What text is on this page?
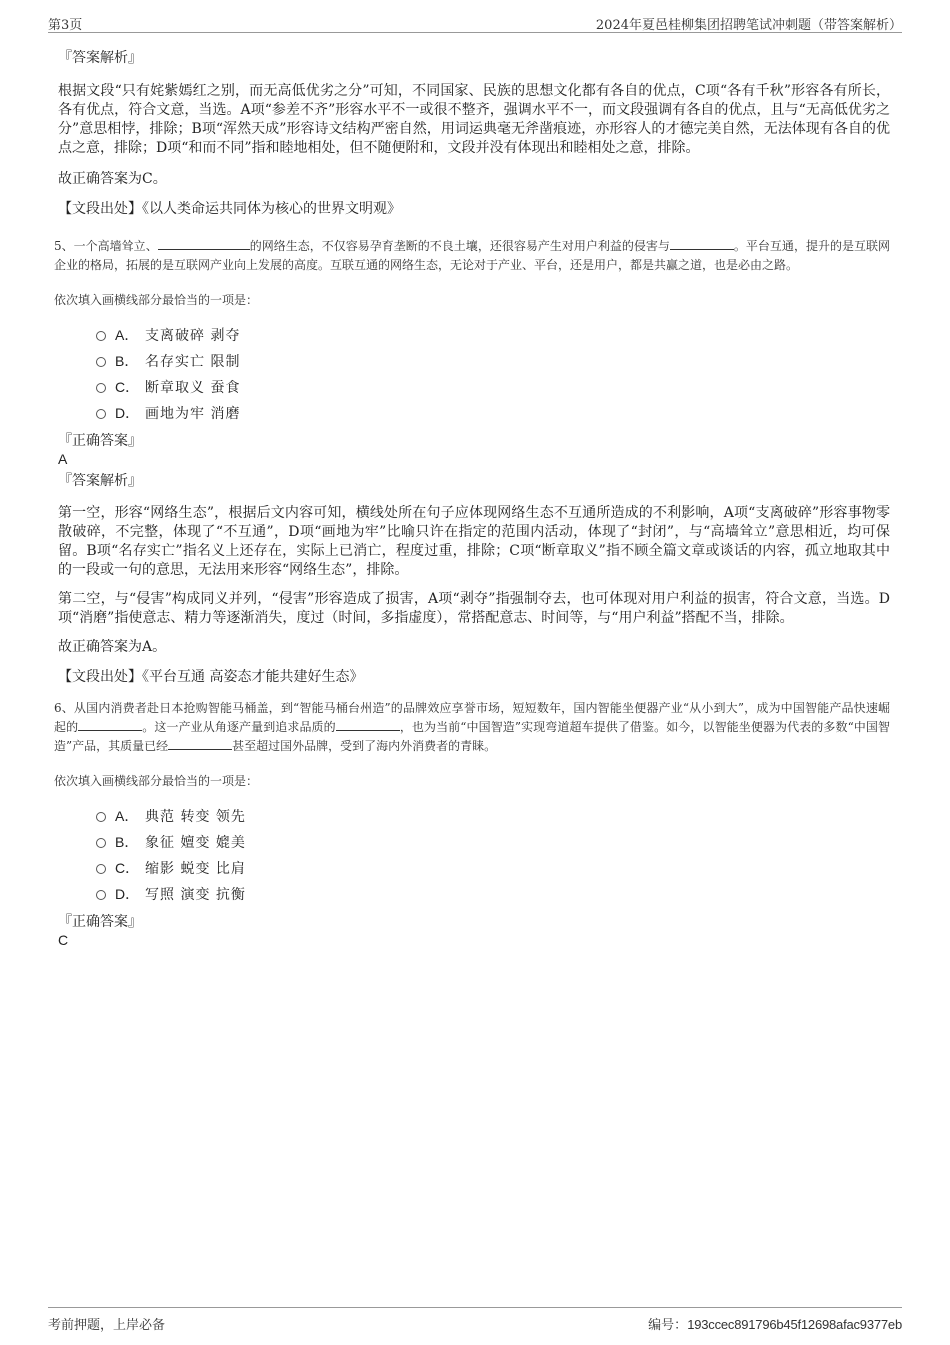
第3页	2024年夏邑桂柳集团招聘笔试冲刺题（带答案解析）
『答案解析』

根据文段“只有姹紫嫣红之别，而无高低优劣之分”可知，不同国家、民族的思想文化都有各自的优点，C项“各有千秋”形容各有所长，各有优点，符合文意，当选。A项“参差不齐”形容水平不一或很不整齐，强调水平不一，而文段强调有各自的优点，且与“无高低优劣之分”意思相悖，排除；B项“浑然天成”形容诗文结构严密自然，用词运典毫无斧凿痕迹，亦形容人的才德完美自然，无法体现有各自的优点之意，排除；D项“和而不同”指和睦地相处，但不随便附和，文段并没有体现出和睦相处之意，排除。

故正确答案为C。

【文段出处】《以人类命运共同体为核心的世界文明观》
5、一个高墙耸立、	的网络生态，不仅容易孕育垄断的不良土壤，还很容易产生对用户利益的侵害与	。平台互通，提升的是互联网企业的格局，拓展的是互联网产业向上发展的高度。互联互通的网络生态，无论对于产业、平台，还是用户，都是共赢之道，也是必由之路。
依次填入画横线部分最恰当的一项是：
A． 支离破碎 剥夺
B． 名存实亡 限制
C． 断章取义 蚕食
D． 画地为牢 消磨
『正确答案』
A
『答案解析』

第一空，形容“网络生态”，根据后文内容可知，横线处所在句子应体现网络生态不互通所造成的不利影响，A项“支离破碎”形容事物零散破碎，不完整，体现了“不互通”，D项“画地为牢”比喻只许在指定的范围内活动，体现了“封闭”，与“高墙耸立”意思相近，均可保留。B项“名存实亡”指名义上还存在，实际上已消亡，程度过重，排除；C项“断章取义”指不顾全篇文章或谈话的内容，孤立地取其中的一段或一句的意思，无法用来形容“网络生态”，排除。

第二空，与“侵害”构成同义并列，“侵害”形容造成了损害，A项“剥夺”指强制夺去，也可体现对用户利益的损害，符合文意，当选。D项“消磨”指使意志、精力等逐渐消失，度过（时间，多指虚度），常搭配意志、时间等，与“用户利益”搭配不当，排除。

故正确答案为A。

【文段出处】《平台互通 高姿态才能共建好生态》
6、从国内消费者赴日本抢购智能马桶盖，到“智能马桶台州造”的品牌效应享誉市场，短短数年，国内智能坐便器产业“从小到大”，成为中国智能产品快速崛起的	。这一产业从角逐产量到追求品质的	，也为当前“中国智造”实现弯道超车提供了借鉴。如今，以智能坐便器为代表的多数“中国智造”产品，其质量已经	甚至超过国外品牌，受到了海内外消费者的青睐。
依次填入画横线部分最恰当的一项是：
A． 典范 转变 领先
B． 象征 嬗变 媲美
C． 缩影 蜕变 比肩
D． 写照 演变 抗衡
『正确答案』
C
考前押题，上岸必备	编号：193ccec891796b45f12698afac9377eb
